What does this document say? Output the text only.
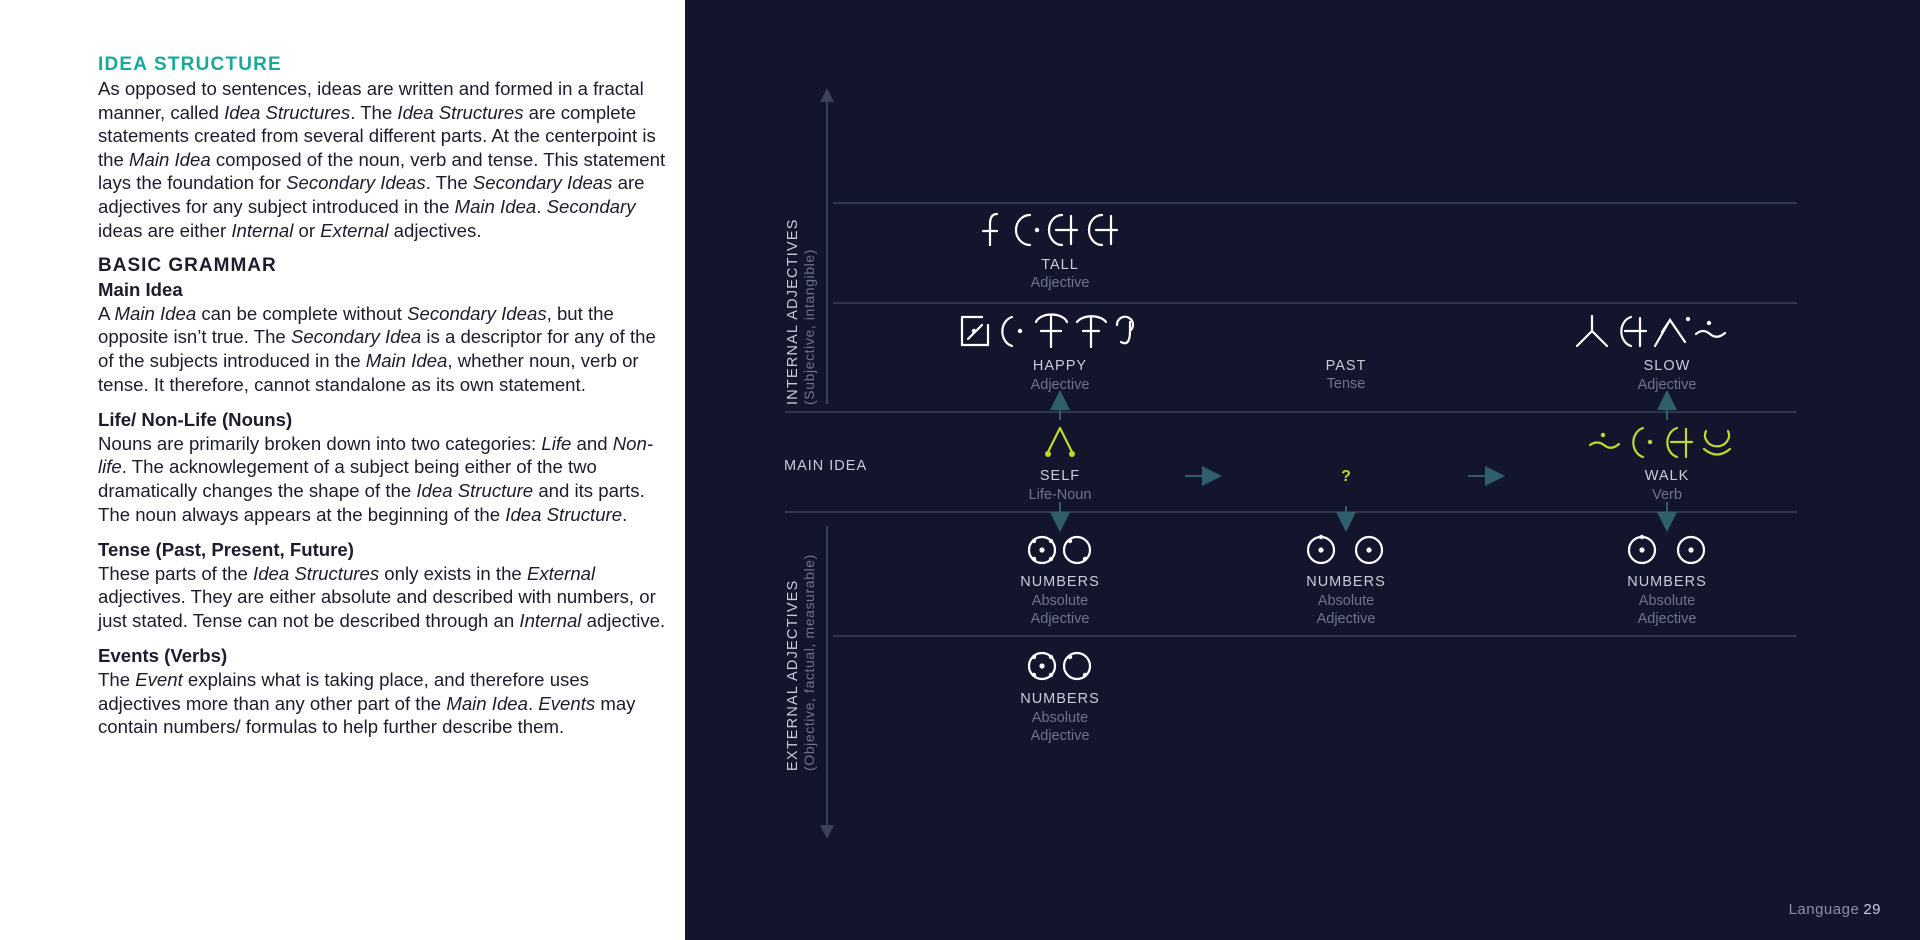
IDEA STRUCTURE

As opposed to sentences, ideas are written and formed in a fractal manner, called Idea Structures. The Idea Structures are complete statements created from several different parts. At the centerpoint is the Main Idea composed of the noun, verb and tense. This statement lays the foundation for Secondary Ideas. The Secondary Ideas are adjectives for any subject introduced in the Main Idea. Secondary ideas are either Internal or External adjectives.

BASIC GRAMMAR
Main Idea

A Main Idea can be complete without Secondary Ideas, but the opposite isn’t true. The Secondary Idea is a descriptor for any of the of the subjects introduced in the Main Idea, whether noun, verb or tense. It therefore, cannot standalone as its own statement.

Life/ Non-Life (Nouns)

Nouns are primarily broken down into two categories: Life and Non-life. The acknowlegement of a subject being either of the two dramatically changes the shape of the Idea Structure and its parts. The noun always appears at the beginning of the Idea Structure.

Tense (Past, Present, Future)

These parts of the Idea Structures only exists in the External adjectives. They are either absolute and described with numbers, or just stated. Tense can not be described through an Internal adjective.

Events (Verbs)

The Event explains what is taking place, and therefore uses adjectives more than any other part of the Main Idea. Events may contain numbers/ formulas to help further describe them.

INTERNAL ADJECTIVES (Subjective, intangible)
EXTERNAL ADJECTIVES (Objective, factual, measurable)
MAIN IDEA
?
TALL
Adjective
HAPPY
Adjective
PAST
Tense
SLOW
Adjective
SELF
Life-Noun
WALK
Verb
NUMBERS
Absolute
Adjective
NUMBERS
Absolute
Adjective
NUMBERS
Absolute
Adjective
NUMBERS
Absolute
Adjective
Language 29
